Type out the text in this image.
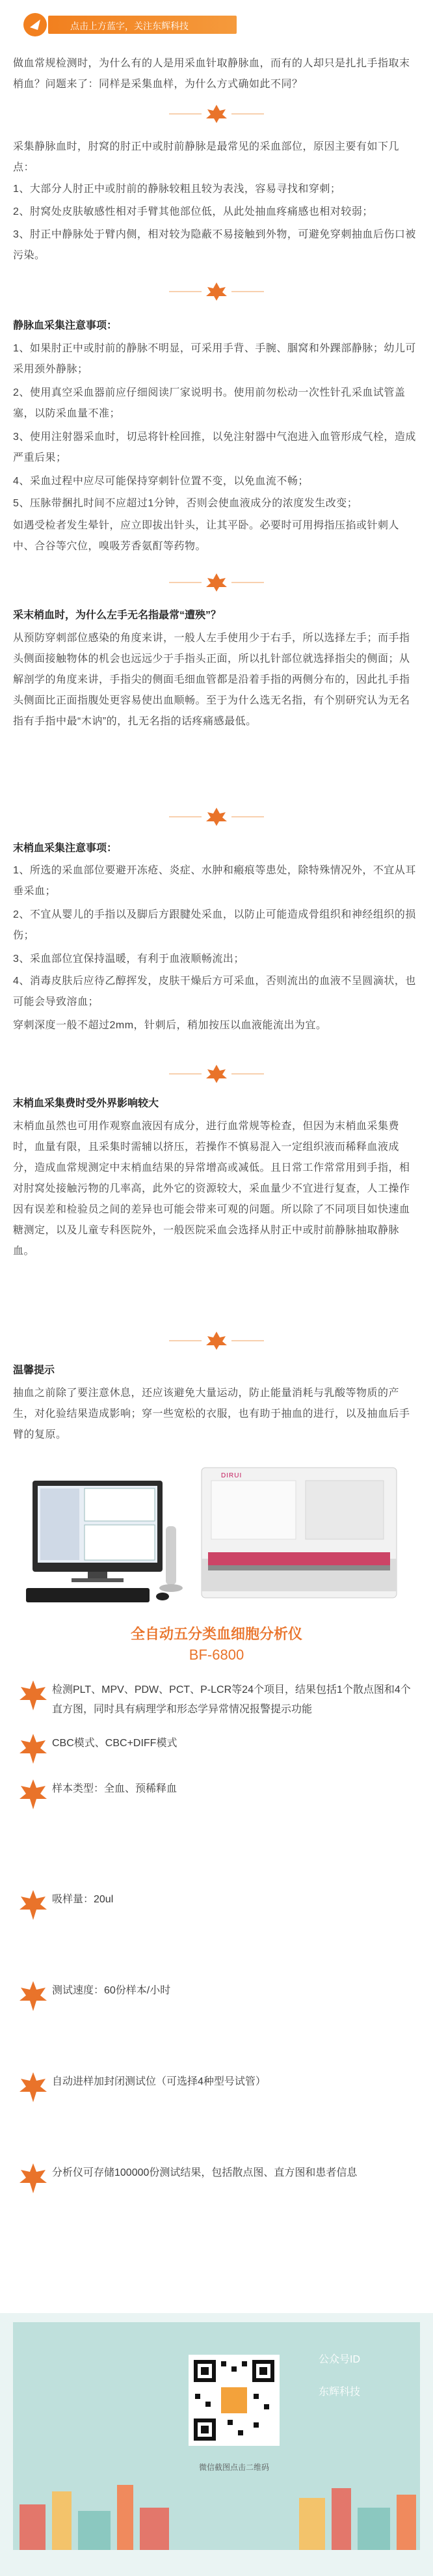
点击上方蓝字，关注东辉科技
做血常规检测时，为什么有的人是用采血针取静脉血，而有的人却只是扎扎手指取末梢血？问题来了：同样是采集血样，为什么方式确如此不同？
采集静脉血时，肘窝的肘正中或肘前静脉是最常见的采血部位，原因主要有如下几点：
1、大部分人肘正中或肘前的静脉较粗且较为表浅，容易寻找和穿刺；
2、肘窝处皮肤敏感性相对手臂其他部位低，从此处抽血疼痛感也相对较弱；
3、肘正中静脉处于臂内侧，相对较为隐蔽不易接触到外物，可避免穿刺抽血后伤口被污染。
静脉血采集注意事项：
1、如果肘正中或肘前的静脉不明显，可采用手背、手腕、腘窝和外踝部静脉；幼儿可采用颈外静脉；
2、使用真空采血器前应仔细阅读厂家说明书。使用前勿松动一次性针孔采血试管盖塞，以防采血量不准；
3、使用注射器采血时，切忌将针栓回推，以免注射器中气泡进入血管形成气栓，造成严重后果；
4、采血过程中应尽可能保持穿刺针位置不变，以免血流不畅；
5、压脉带捆扎时间不应超过1分钟，否则会使血液成分的浓度发生改变；
如遇受检者发生晕针，应立即拔出针头，让其平卧。必要时可用拇指压掐或针刺人中、合谷等穴位，嗅吸芳香氨酊等药物。
采末梢血时，为什么左手无名指最常“遭殃”？
从预防穿刺部位感染的角度来讲，一般人左手使用少于右手，所以选择左手；而手指头侧面接触物体的机会也远远少于手指头正面，所以扎针部位就选择指尖的侧面；从解剖学的角度来讲，手指尖的侧面毛细血管都是沿着手指的两侧分布的，因此扎手指头侧面比正面指腹处更容易使出血顺畅。至于为什么选无名指，有个别研究认为无名指有手指中最“木讷”的，扎无名指的话疼痛感最低。
末梢血采集注意事项：
1、所选的采血部位要避开冻疮、炎症、水肿和瘢痕等患处，除特殊情况外，不宜从耳垂采血；
2、不宜从婴儿的手指以及脚后方跟腱处采血，以防止可能造成骨组织和神经组织的损伤；
3、采血部位宜保持温暖，有利于血液顺畅流出；
4、消毒皮肤后应待乙醇挥发，皮肤干燥后方可采血，否则流出的血液不呈圆滴状，也可能会导致溶血；
穿刺深度一般不超过2mm，针刺后，稍加按压以血液能流出为宜。
末梢血采集费时受外界影响较大
末梢血虽然也可用作观察血液因有成分，进行血常规等检查，但因为末梢血采集费时，血量有限，且采集时需辅以挤压，若操作不慎易混入一定组织液而稀释血液成分，造成血常规测定中末梢血结果的异常增高或减低。且日常工作常常用到手指，相对肘窝处接触污物的几率高，此外它的资源较大，采血量少不宜进行复查，人工操作因有误差和检验员之间的差异也可能会带来可观的问题。所以除了不同项目如快速血糖测定，以及儿童专科医院外，一般医院采血会选择从肘正中或肘前静脉抽取静脉血。
温馨提示
抽血之前除了要注意休息，还应该避免大量运动，防止能量消耗与乳酸等物质的产生，对化验结果造成影响；穿一些宽松的衣服，也有助于抽血的进行，以及抽血后手臂的复原。
DIRUI
全自动五分类血细胞分析仪
BF-6800
检测PLT、MPV、PDW、PCT、P-LCR等24个项目，结果包括1个散点图和4个直方图，同时具有病理学和形态学异常情况报警提示功能
CBC模式、CBC+DIFF模式
样本类型：全血、预稀释血
吸样量：20ul
测试速度：60份样本/小时
自动进样加封闭测试位（可选择4种型号试管）
分析仪可存储100000份测试结果，包括散点图、直方图和患者信息
公众号ID
东辉科技
微信截图点击二维码
